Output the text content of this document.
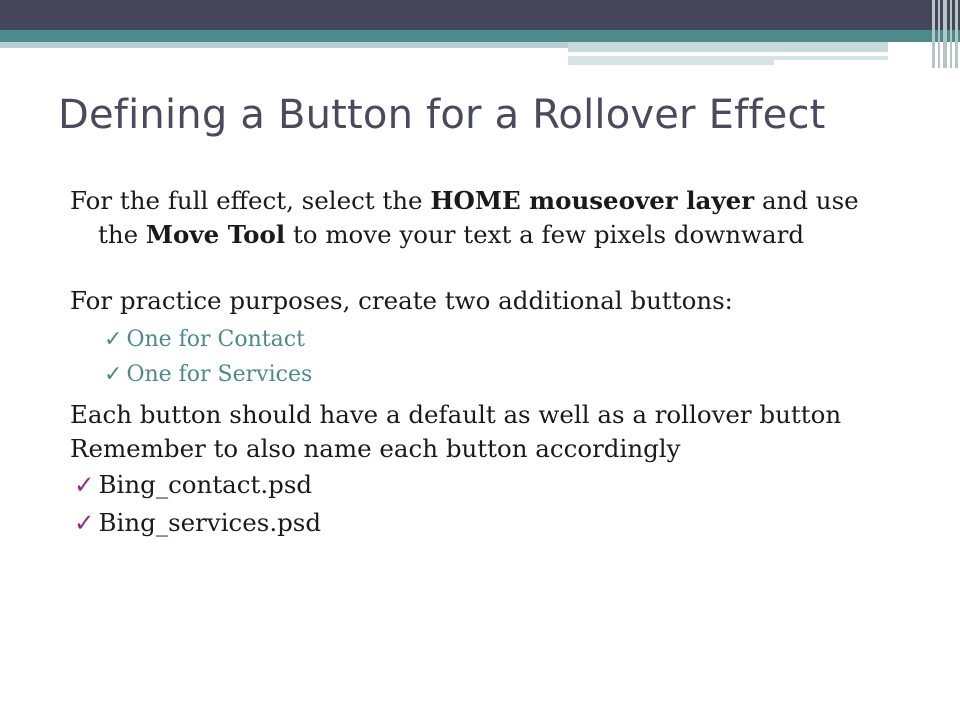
Defining a Button for a Rollover Effect

For the full effect, select the HOME mouseover layer and use the Move Tool to move your text a few pixels downward

For practice purposes, create two additional buttons:

✓ One for Contact
✓ One for Services

Each button should have a default as well as a rollover button

Remember to also name each button accordingly

✓ Bing_contact.psd
✓ Bing_services.psd
